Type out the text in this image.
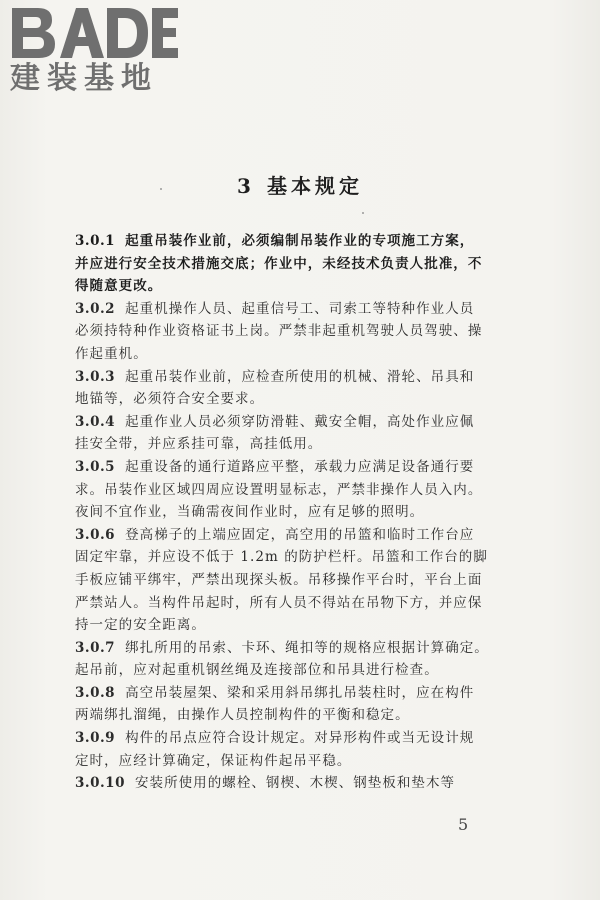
建装基地
3 基本规定
3.0.1 起重吊装作业前，必须编制吊装作业的专项施工方案，
并应进行安全技术措施交底；作业中，未经技术负责人批准，不
得随意更改。
3.0.2 起重机操作人员、起重信号工、司索工等特种作业人员
必须持特种作业资格证书上岗。严禁非起重机驾驶人员驾驶、操
作起重机。
3.0.3 起重吊装作业前，应检查所使用的机械、滑轮、吊具和
地锚等，必须符合安全要求。
3.0.4 起重作业人员必须穿防滑鞋、戴安全帽，高处作业应佩
挂安全带，并应系挂可靠，高挂低用。
3.0.5 起重设备的通行道路应平整，承载力应满足设备通行要
求。吊装作业区域四周应设置明显标志，严禁非操作人员入内。
夜间不宜作业，当确需夜间作业时，应有足够的照明。
3.0.6 登高梯子的上端应固定，高空用的吊篮和临时工作台应
固定牢靠，并应设不低于 1.2m 的防护栏杆。吊篮和工作台的脚
手板应铺平绑牢，严禁出现探头板。吊移操作平台时，平台上面
严禁站人。当构件吊起时，所有人员不得站在吊物下方，并应保
持一定的安全距离。
3.0.7 绑扎所用的吊索、卡环、绳扣等的规格应根据计算确定。
起吊前，应对起重机钢丝绳及连接部位和吊具进行检查。
3.0.8 高空吊装屋架、梁和采用斜吊绑扎吊装柱时，应在构件
两端绑扎溜绳，由操作人员控制构件的平衡和稳定。
3.0.9 构件的吊点应符合设计规定。对异形构件或当无设计规
定时，应经计算确定，保证构件起吊平稳。
3.0.10 安装所使用的螺栓、钢楔、木楔、钢垫板和垫木等
5
